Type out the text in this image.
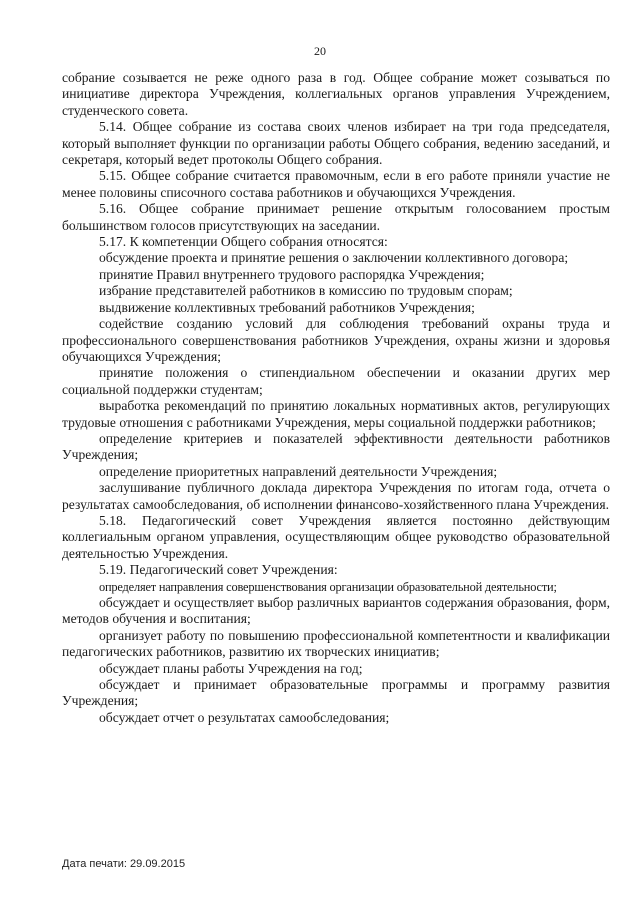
20

собрание созывается не реже одного раза в год. Общее собрание может созываться по инициативе директора Учреждения, коллегиальных органов управления Учреждением, студенческого совета.

5.14. Общее собрание из состава своих членов избирает на три года председателя, который выполняет функции по организации работы Общего собрания, ведению заседаний, и секретаря, который ведет протоколы Общего собрания.

5.15. Общее собрание считается правомочным, если в его работе приняли участие не менее половины списочного состава работников и обучающихся Учреждения.

5.16. Общее собрание принимает решение открытым голосованием простым большинством голосов присутствующих на заседании.

5.17. К компетенции Общего собрания относятся:

обсуждение проекта и принятие решения о заключении коллективного договора;

принятие Правил внутреннего трудового распорядка Учреждения;

избрание представителей работников в комиссию по трудовым спорам;

выдвижение коллективных требований работников Учреждения;

содействие созданию условий для соблюдения требований охраны труда и профессионального совершенствования работников Учреждения, охраны жизни и здоровья обучающихся Учреждения;

принятие положения о стипендиальном обеспечении и оказании других мер социальной поддержки студентам;

выработка рекомендаций по принятию локальных нормативных актов, регулирующих трудовые отношения с работниками Учреждения, меры социальной поддержки работников;

определение критериев и показателей эффективности деятельности работников Учреждения;

определение приоритетных направлений деятельности Учреждения;

заслушивание публичного доклада директора Учреждения по итогам года, отчета о результатах самообследования, об исполнении финансово-хозяйственного плана Учреждения.

5.18. Педагогический совет Учреждения является постоянно действующим коллегиальным органом управления, осуществляющим общее руководство образовательной деятельностью Учреждения.

5.19. Педагогический совет Учреждения:

определяет направления совершенствования организации образовательной деятельности;

обсуждает и осуществляет выбор различных вариантов содержания образования, форм, методов обучения и воспитания;

организует работу по повышению профессиональной компетентности и квалификации педагогических работников, развитию их творческих инициатив;

обсуждает планы работы Учреждения на год;

обсуждает и принимает образовательные программы и программу развития Учреждения;

обсуждает отчет о результатах самообследования;

Дата печати: 29.09.2015
